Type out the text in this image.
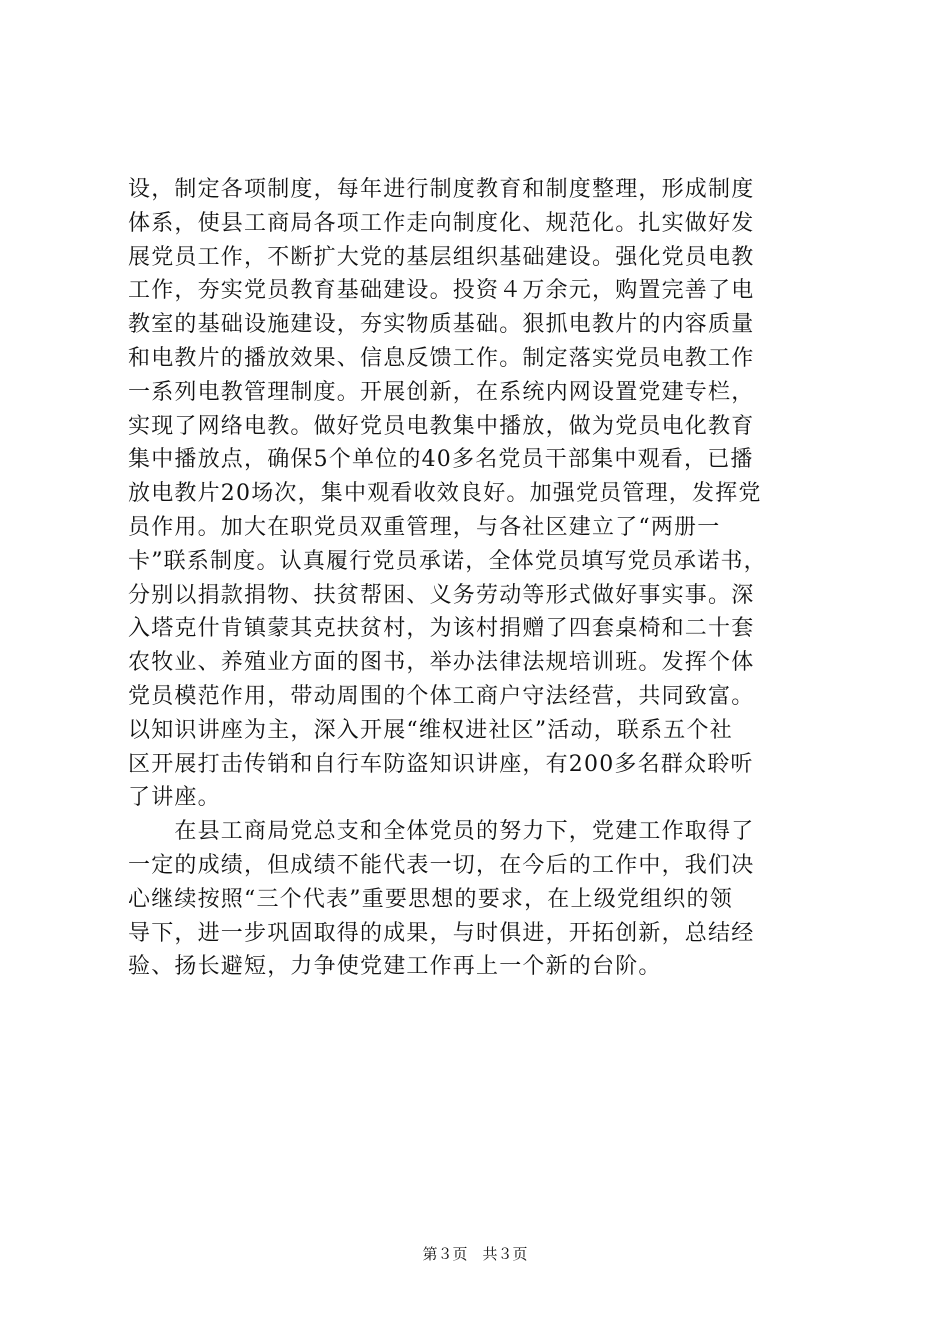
设，制定各项制度，每年进行制度教育和制度整理，形成制度
体系，使县工商局各项工作走向制度化、规范化。扎实做好发
展党员工作，不断扩大党的基层组织基础建设。强化党员电教
工作，夯实党员教育基础建设。投资４万余元，购置完善了电
教室的基础设施建设，夯实物质基础。狠抓电教片的内容质量
和电教片的播放效果、信息反馈工作。制定落实党员电教工作
一系列电教管理制度。开展创新，在系统内网设置党建专栏，
实现了网络电教。做好党员电教集中播放，做为党员电化教育
集中播放点，确保5个单位的40多名党员干部集中观看，已播
放电教片20场次，集中观看收效良好。加强党员管理，发挥党
员作用。加大在职党员双重管理，与各社区建立了“两册一
卡”联系制度。认真履行党员承诺，全体党员填写党员承诺书，
分别以捐款捐物、扶贫帮困、义务劳动等形式做好事实事。深
入塔克什肯镇蒙其克扶贫村，为该村捐赠了四套桌椅和二十套
农牧业、养殖业方面的图书，举办法律法规培训班。发挥个体
党员模范作用，带动周围的个体工商户守法经营，共同致富。
以知识讲座为主，深入开展“维权进社区”活动，联系五个社
区开展打击传销和自行车防盗知识讲座，有200多名群众聆听
了讲座。
　　在县工商局党总支和全体党员的努力下，党建工作取得了
一定的成绩，但成绩不能代表一切，在今后的工作中，我们决
心继续按照“三个代表”重要思想的要求，在上级党组织的领
导下，进一步巩固取得的成果，与时俱进，开拓创新，总结经
验、扬长避短，力争使党建工作再上一个新的台阶。
第３页　共３页
